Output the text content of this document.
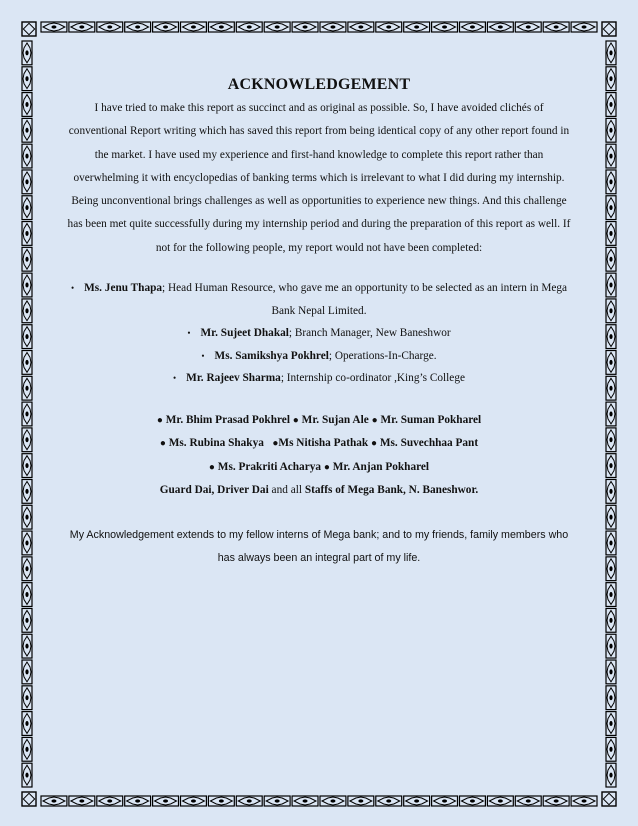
ACKNOWLEDGEMENT

I have tried to make this report as succinct and as original as possible. So, I have avoided clichés of conventional Report writing which has saved this report from being identical copy of any other report found in the market. I have used my experience and first-hand knowledge to complete this report rather than overwhelming it with encyclopedias of banking terms which is irrelevant to what I did during my internship.

Being unconventional brings challenges as well as opportunities to experience new things. And this challenge has been met quite successfully during my internship period and during the preparation of this report as well. If not for the following people, my report would not have been completed:

• Ms. Jenu Thapa; Head Human Resource, who gave me an opportunity to be selected as an intern in Mega Bank Nepal Limited.
• Mr. Sujeet Dhakal; Branch Manager, New Baneshwor
• Ms. Samikshya Pokhrel; Operations-In-Charge.
• Mr. Rajeev Sharma; Internship co-ordinator ,King’s College
● Mr. Bhim Prasad Pokhrel ● Mr. Sujan Ale ● Mr. Suman Pokharel
● Ms. Rubina Shakya ●Ms Nitisha Pathak ● Ms. Suvechhaa Pant
● Ms. Prakriti Acharya ● Mr. Anjan Pokharel
Guard Dai, Driver Dai and all Staffs of Mega Bank, N. Baneshwor.

My Acknowledgement extends to my fellow interns of Mega bank; and to my friends, family members who has always been an integral part of my life.
